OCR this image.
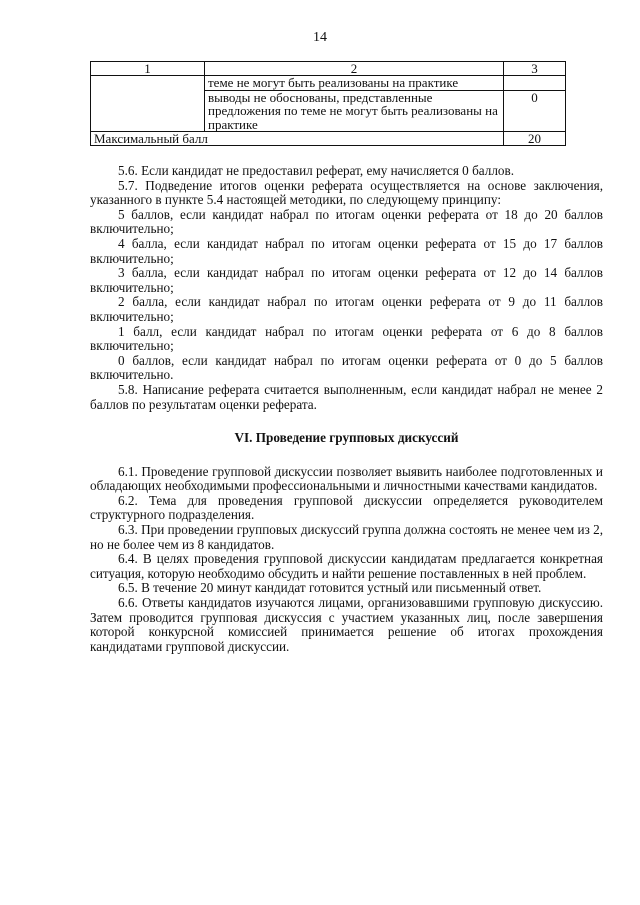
14
1	2	3
	теме не могут быть реализованы на практике	
	выводы не обоснованы, представленные предложения по теме не могут быть реализованы на практике	0
Максимальный балл		20

5.6. Если кандидат не предоставил реферат, ему начисляется 0 баллов.

5.7. Подведение итогов оценки реферата осуществляется на основе заключения, указанного в пункте 5.4 настоящей методики, по следующему принципу:

5 баллов, если кандидат набрал по итогам оценки реферата от 18 до 20 баллов включительно;

4 балла, если кандидат набрал по итогам оценки реферата от 15 до 17 баллов включительно;

3 балла, если кандидат набрал по итогам оценки реферата от 12 до 14 баллов включительно;

2 балла, если кандидат набрал по итогам оценки реферата от 9 до 11 баллов включительно;

1 балл, если кандидат набрал по итогам оценки реферата от 6 до 8 баллов включительно;

0 баллов, если кандидат набрал по итогам оценки реферата от 0 до 5 баллов включительно.

5.8. Написание реферата считается выполненным, если кандидат набрал не менее 2 баллов по результатам оценки реферата.

VI. Проведение групповых дискуссий

6.1. Проведение групповой дискуссии позволяет выявить наиболее подготовленных и обладающих необходимыми профессиональными и личностными качествами кандидатов.

6.2. Тема для проведения групповой дискуссии определяется руководителем структурного подразделения.

6.3. При проведении групповых дискуссий группа должна состоять не менее чем из 2, но не более чем из 8 кандидатов.

6.4. В целях проведения групповой дискуссии кандидатам предлагается конкретная ситуация, которую необходимо обсудить и найти решение поставленных в ней проблем.

6.5. В течение 20 минут кандидат готовится устный или письменный ответ.

6.6. Ответы кандидатов изучаются лицами, организовавшими групповую дискуссию. Затем проводится групповая дискуссия с участием указанных лиц, после завершения которой конкурсной комиссией принимается решение об итогах прохождения кандидатами групповой дискуссии.
